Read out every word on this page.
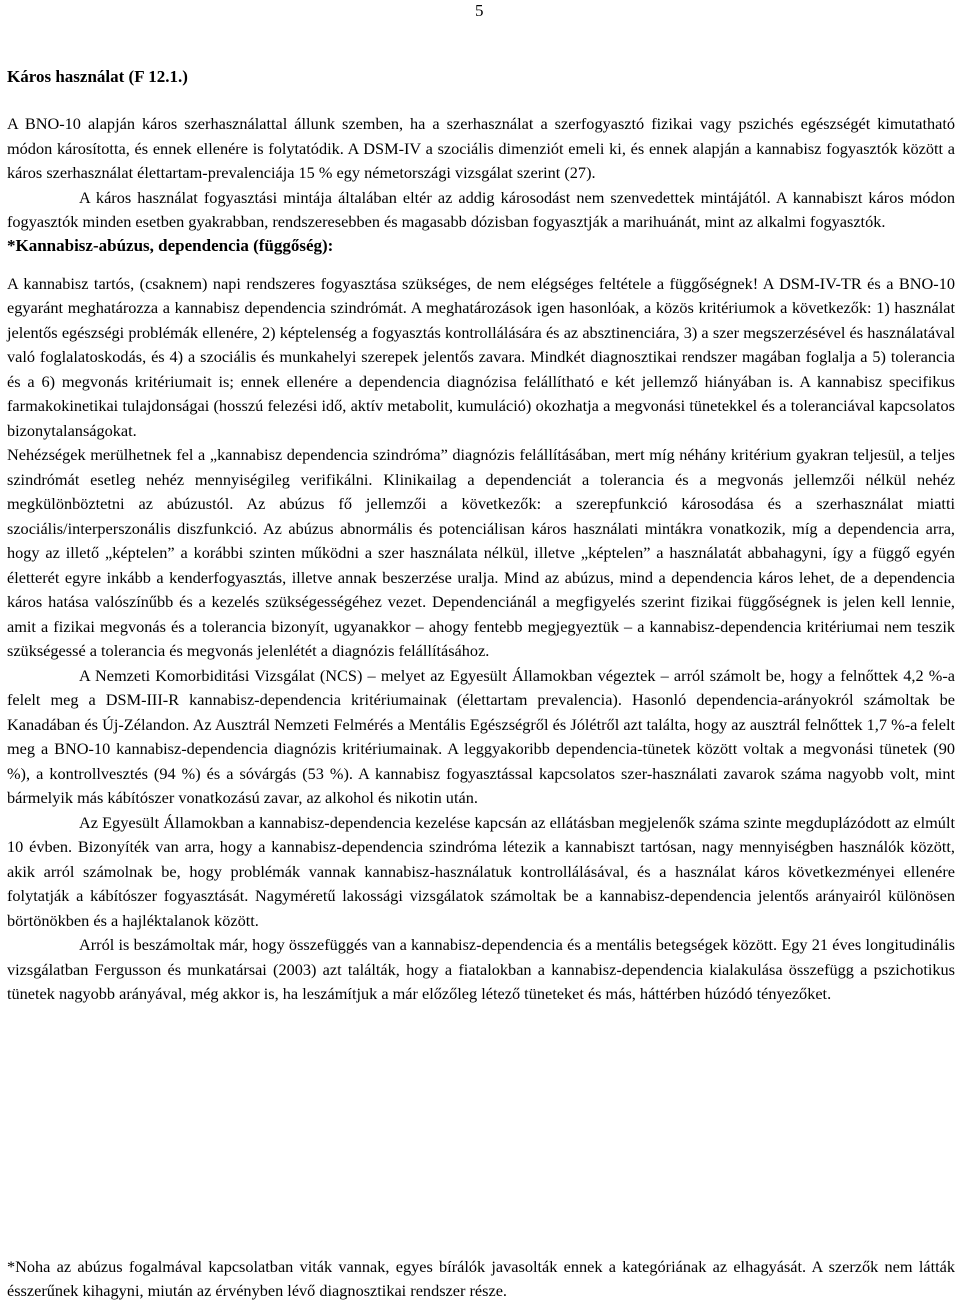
5
Káros használat (F 12.1.)

A BNO-10 alapján káros szerhasználattal állunk szemben, ha a szerhasználat a szerfogyasztó fizikai vagy pszichés egészségét kimutatható módon károsította, és ennek ellenére is folytatódik. A DSM-IV a szociális dimenziót emeli ki, és ennek alapján a kannabisz fogyasztók között a káros szerhasználat élettartam-prevalenciája 15 % egy németországi vizsgálat szerint (27).

A káros használat fogyasztási mintája általában eltér az addig károsodást nem szenvedettek mintájától. A kannabiszt káros módon fogyasztók minden esetben gyakrabban, rendszeresebben és magasabb dózisban fogyasztják a marihuánát, mint az alkalmi fogyasztók.

*Kannabisz-abúzus, dependencia (függőség):

A kannabisz tartós, (csaknem) napi rendszeres fogyasztása szükséges, de nem elégséges feltétele a függőségnek! A DSM-IV-TR és a BNO-10 egyaránt meghatározza a kannabisz dependencia szindrómát. A meghatározások igen hasonlóak, a közös kritériumok a következők: 1) használat jelentős egészségi problémák ellenére, 2) képtelenség a fogyasztás kontrollálására és az absztinenciára, 3) a szer megszerzésével és használatával való foglalatoskodás, és 4) a szociális és munkahelyi szerepek jelentős zavara. Mindkét diagnosztikai rendszer magában foglalja a 5) tolerancia és a 6) megvonás kritériumait is; ennek ellenére a dependencia diagnózisa felállítható e két jellemző hiányában is. A kannabisz specifikus farmakokinetikai tulajdonságai (hosszú felezési idő, aktív metabolit, kumuláció) okozhatja a megvonási tünetekkel és a toleranciával kapcsolatos bizonytalanságokat.

Nehézségek merülhetnek fel a „kannabisz dependencia szindróma” diagnózis felállításában, mert míg néhány kritérium gyakran teljesül, a teljes szindrómát esetleg nehéz mennyiségileg verifikálni. Klinikailag a dependenciát a tolerancia és a megvonás jellemzői nélkül nehéz megkülönböztetni az abúzustól. Az abúzus fő jellemzői a következők: a szerepfunkció károsodása és a szerhasználat miatti szociális/interperszonális diszfunkció. Az abúzus abnormális és potenciálisan káros használati mintákra vonatkozik, míg a dependencia arra, hogy az illető „képtelen” a korábbi szinten működni a szer használata nélkül, illetve „képtelen” a használatát abbahagyni, így a függő egyén életterét egyre inkább a kenderfogyasztás, illetve annak beszerzése uralja. Mind az abúzus, mind a dependencia káros lehet, de a dependencia káros hatása valószínűbb és a kezelés szükségességéhez vezet. Dependenciánál a megfigyelés szerint fizikai függőségnek is jelen kell lennie, amit a fizikai megvonás és a tolerancia bizonyít, ugyanakkor – ahogy fentebb megjegyeztük – a kannabisz-dependencia kritériumai nem teszik szükségessé a tolerancia és megvonás jelenlétét a diagnózis felállításához.

A Nemzeti Komorbiditási Vizsgálat (NCS) – melyet az Egyesült Államokban végeztek – arról számolt be, hogy a felnőttek 4,2 %-a felelt meg a DSM-III-R kannabisz-dependencia kritériumainak (élettartam prevalencia). Hasonló dependencia-arányokról számoltak be Kanadában és Új-Zélandon. Az Ausztrál Nemzeti Felmérés a Mentális Egészségről és Jólétről azt találta, hogy az ausztrál felnőttek 1,7 %-a felelt meg a BNO-10 kannabisz-dependencia diagnózis kritériumainak. A leggyakoribb dependencia-tünetek között voltak a megvonási tünetek (90 %), a kontrollvesztés (94 %) és a sóvárgás (53 %). A kannabisz fogyasztással kapcsolatos szer-használati zavarok száma nagyobb volt, mint bármelyik más kábítószer vonatkozású zavar, az alkohol és nikotin után.

Az Egyesült Államokban a kannabisz-dependencia kezelése kapcsán az ellátásban megjelenők száma szinte megduplázódott az elmúlt 10 évben. Bizonyíték van arra, hogy a kannabisz-dependencia szindróma létezik a kannabiszt tartósan, nagy mennyiségben használók között, akik arról számolnak be, hogy problémák vannak kannabisz-használatuk kontrollálásával, és a használat káros következményei ellenére folytatják a kábítószer fogyasztását. Nagyméretű lakossági vizsgálatok számoltak be a kannabisz-dependencia jelentős arányairól különösen börtönökben és a hajléktalanok között.

Arról is beszámoltak már, hogy összefüggés van a kannabisz-dependencia és a mentális betegségek között. Egy 21 éves longitudinális vizsgálatban Fergusson és munkatársai (2003) azt találták, hogy a fiatalokban a kannabisz-dependencia kialakulása összefügg a pszichotikus tünetek nagyobb arányával, még akkor is, ha leszámítjuk a már előzőleg létező tüneteket és más, háttérben húzódó tényezőket.

*Noha az abúzus fogalmával kapcsolatban viták vannak, egyes bírálók javasolták ennek a kategóriának az elhagyását. A szerzők nem látták ésszerűnek kihagyni, miután az érvényben lévő diagnosztikai rendszer része.
